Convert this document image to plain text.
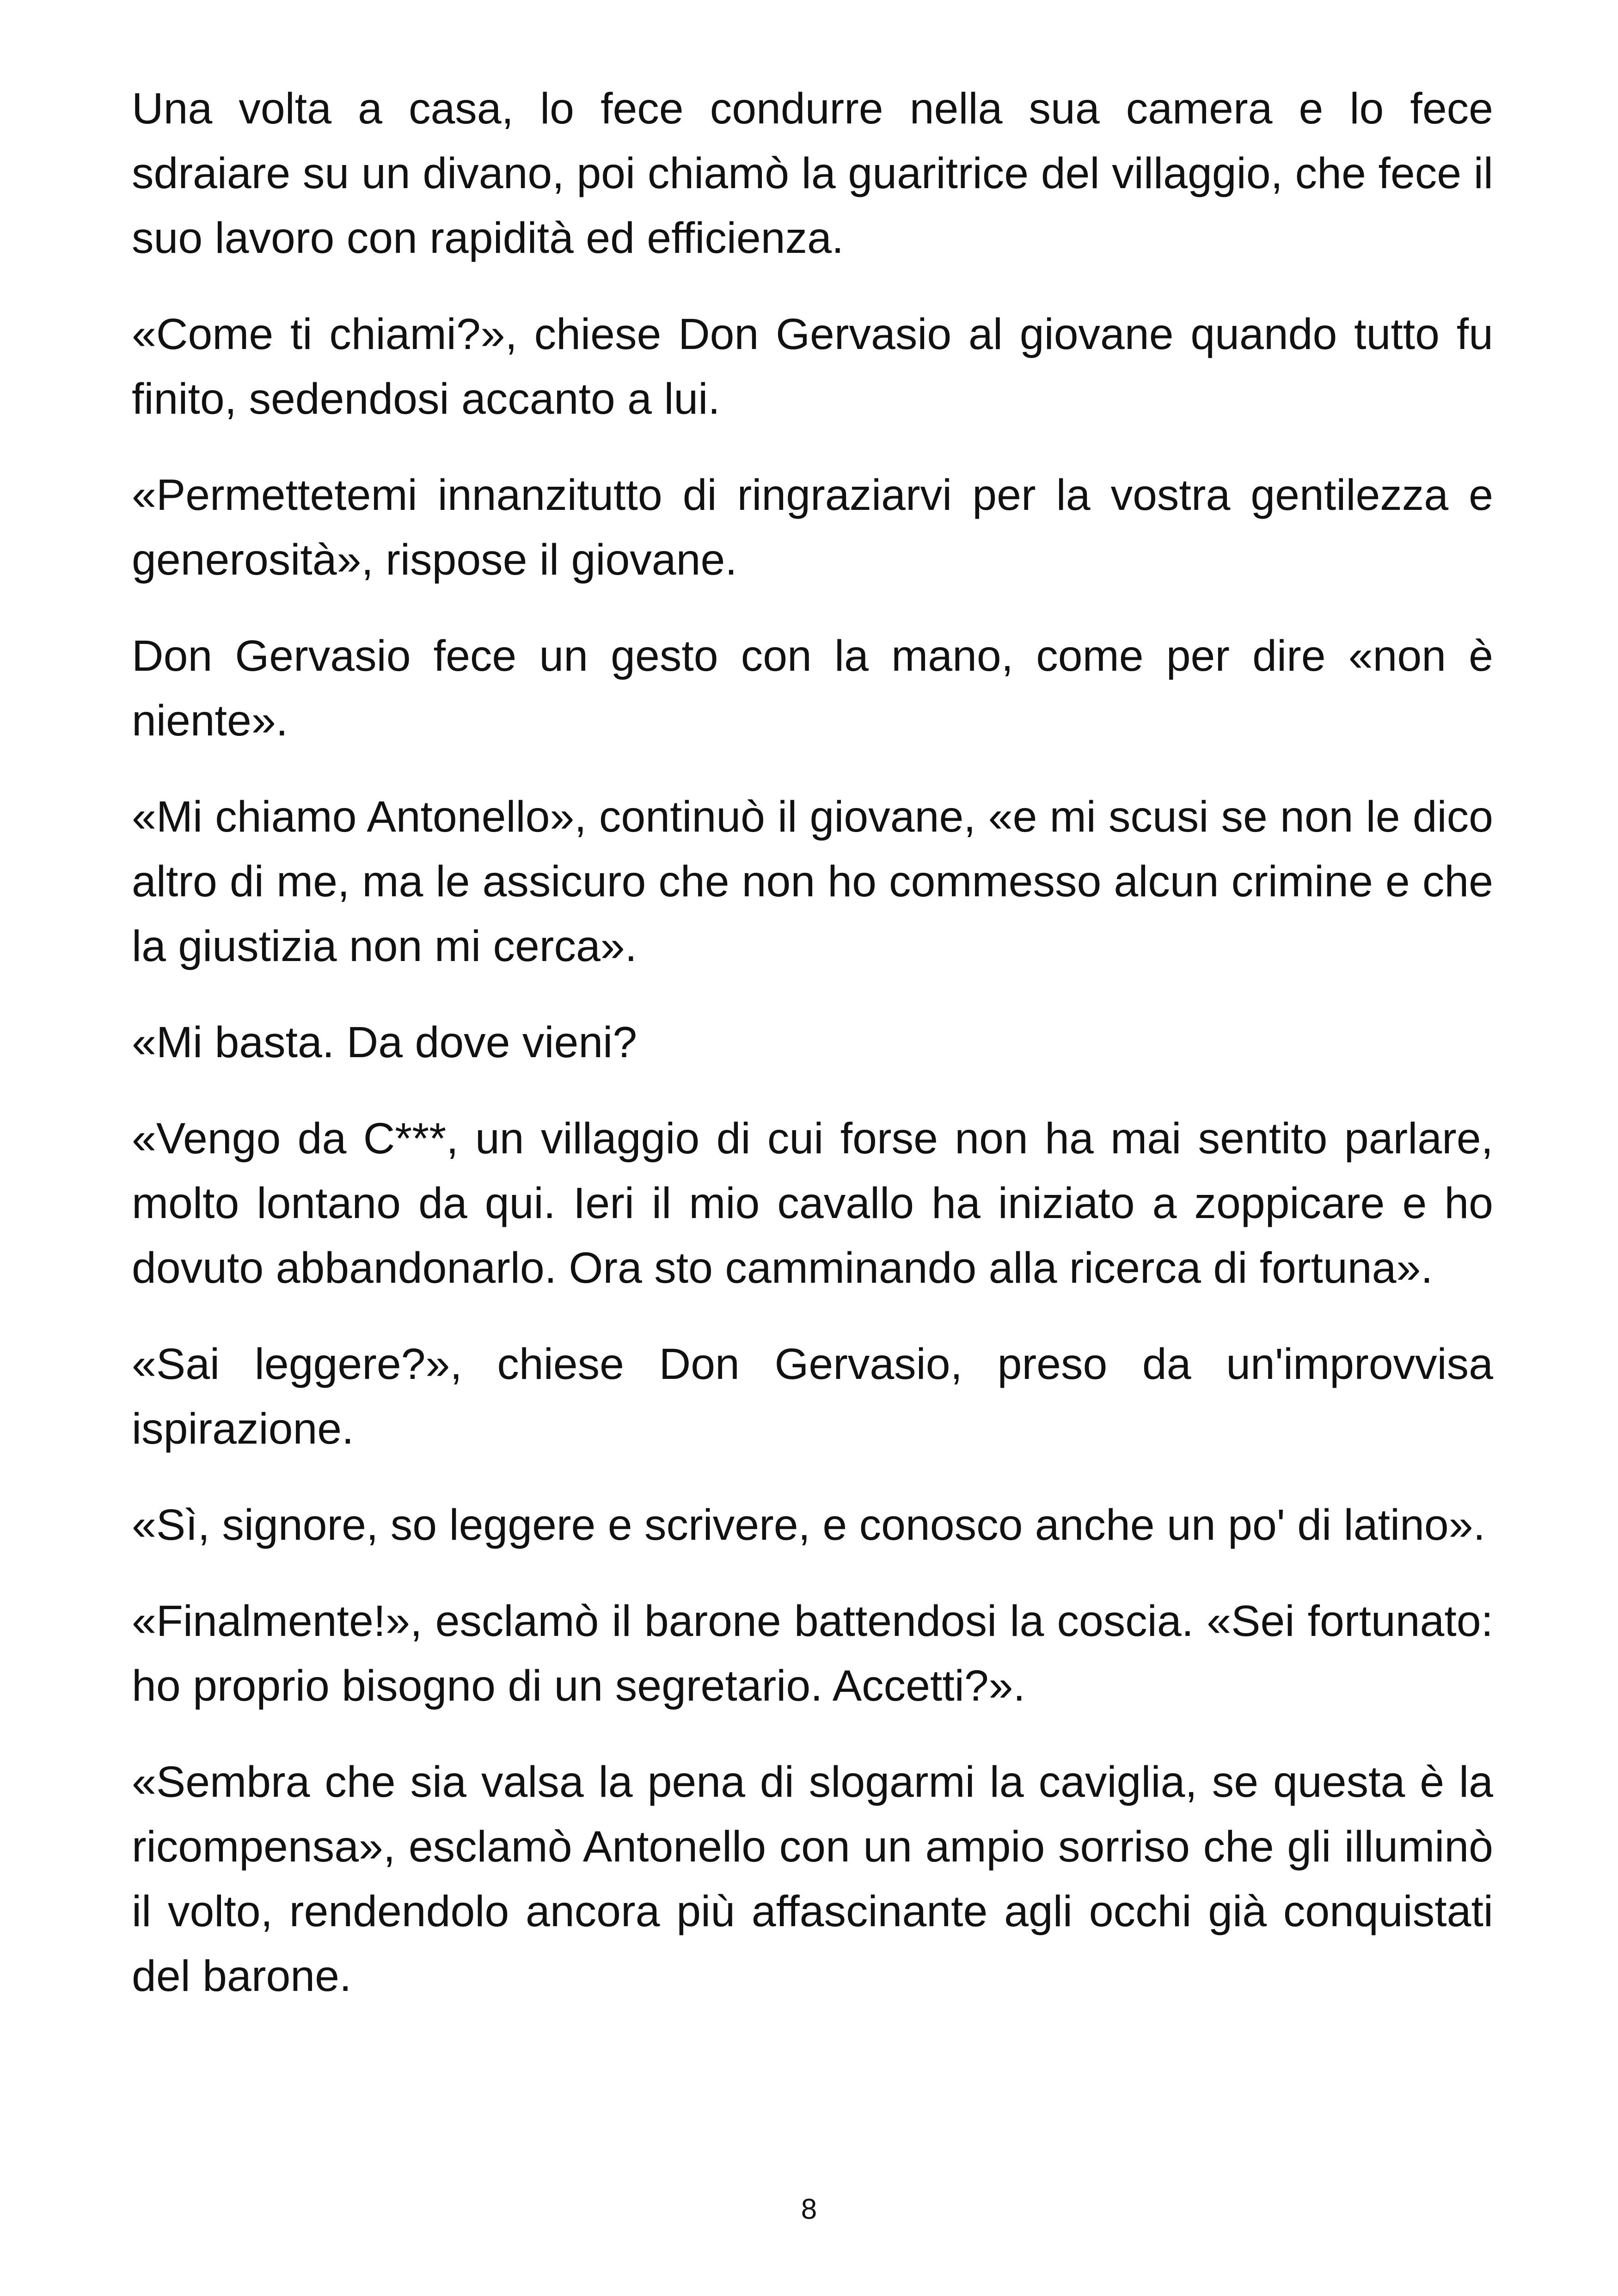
Una volta a casa, lo fece condurre nella sua camera e lo fece sdraiare su un divano, poi chiamò la guaritrice del villaggio, che fece il suo lavoro con rapidità ed efficienza.

«Come ti chiami?», chiese Don Gervasio al giovane quando tutto fu finito, sedendosi accanto a lui.

«Permettetemi innanzitutto di ringraziarvi per la vostra gentilezza e generosità», rispose il giovane.

Don Gervasio fece un gesto con la mano, come per dire «non è niente».

«Mi chiamo Antonello», continuò il giovane, «e mi scusi se non le dico altro di me, ma le assicuro che non ho commesso alcun crimine e che la giustizia non mi cerca».

«Mi basta. Da dove vieni?

«Vengo da C***, un villaggio di cui forse non ha mai sentito parlare, molto lontano da qui. Ieri il mio cavallo ha iniziato a zoppicare e ho dovuto abbandonarlo. Ora sto camminando alla ricerca di fortuna».

«Sai leggere?», chiese Don Gervasio, preso da un'improvvisa ispirazione.

«Sì, signore, so leggere e scrivere, e conosco anche un po' di latino».

«Finalmente!», esclamò il barone battendosi la coscia. «Sei fortunato: ho proprio bisogno di un segretario. Accetti?».

«Sembra che sia valsa la pena di slogarmi la caviglia, se questa è la ricompensa», esclamò Antonello con un ampio sorriso che gli illuminò il volto, rendendolo ancora più affascinante agli occhi già conquistati del barone.

8
